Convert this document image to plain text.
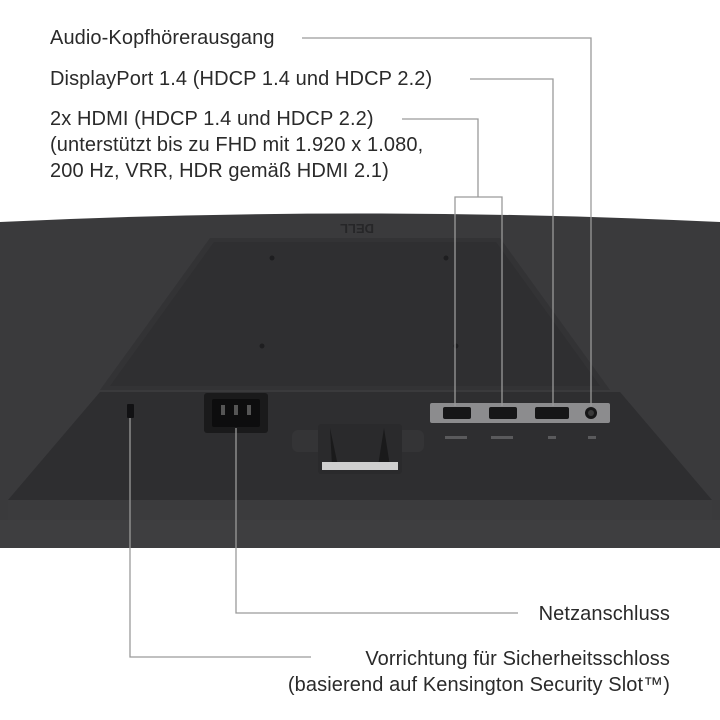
DELL
Audio-Kopfhörerausgang
DisplayPort 1.4 (HDCP 1.4 und HDCP 2.2)
2x HDMI (HDCP 1.4 und HDCP 2.2)
(unterstützt bis zu FHD mit 1.920 x 1.080,
200 Hz, VRR, HDR gemäß HDMI 2.1)
Netzanschluss
Vorrichtung für Sicherheitsschloss
(basierend auf Kensington Security Slot™)
